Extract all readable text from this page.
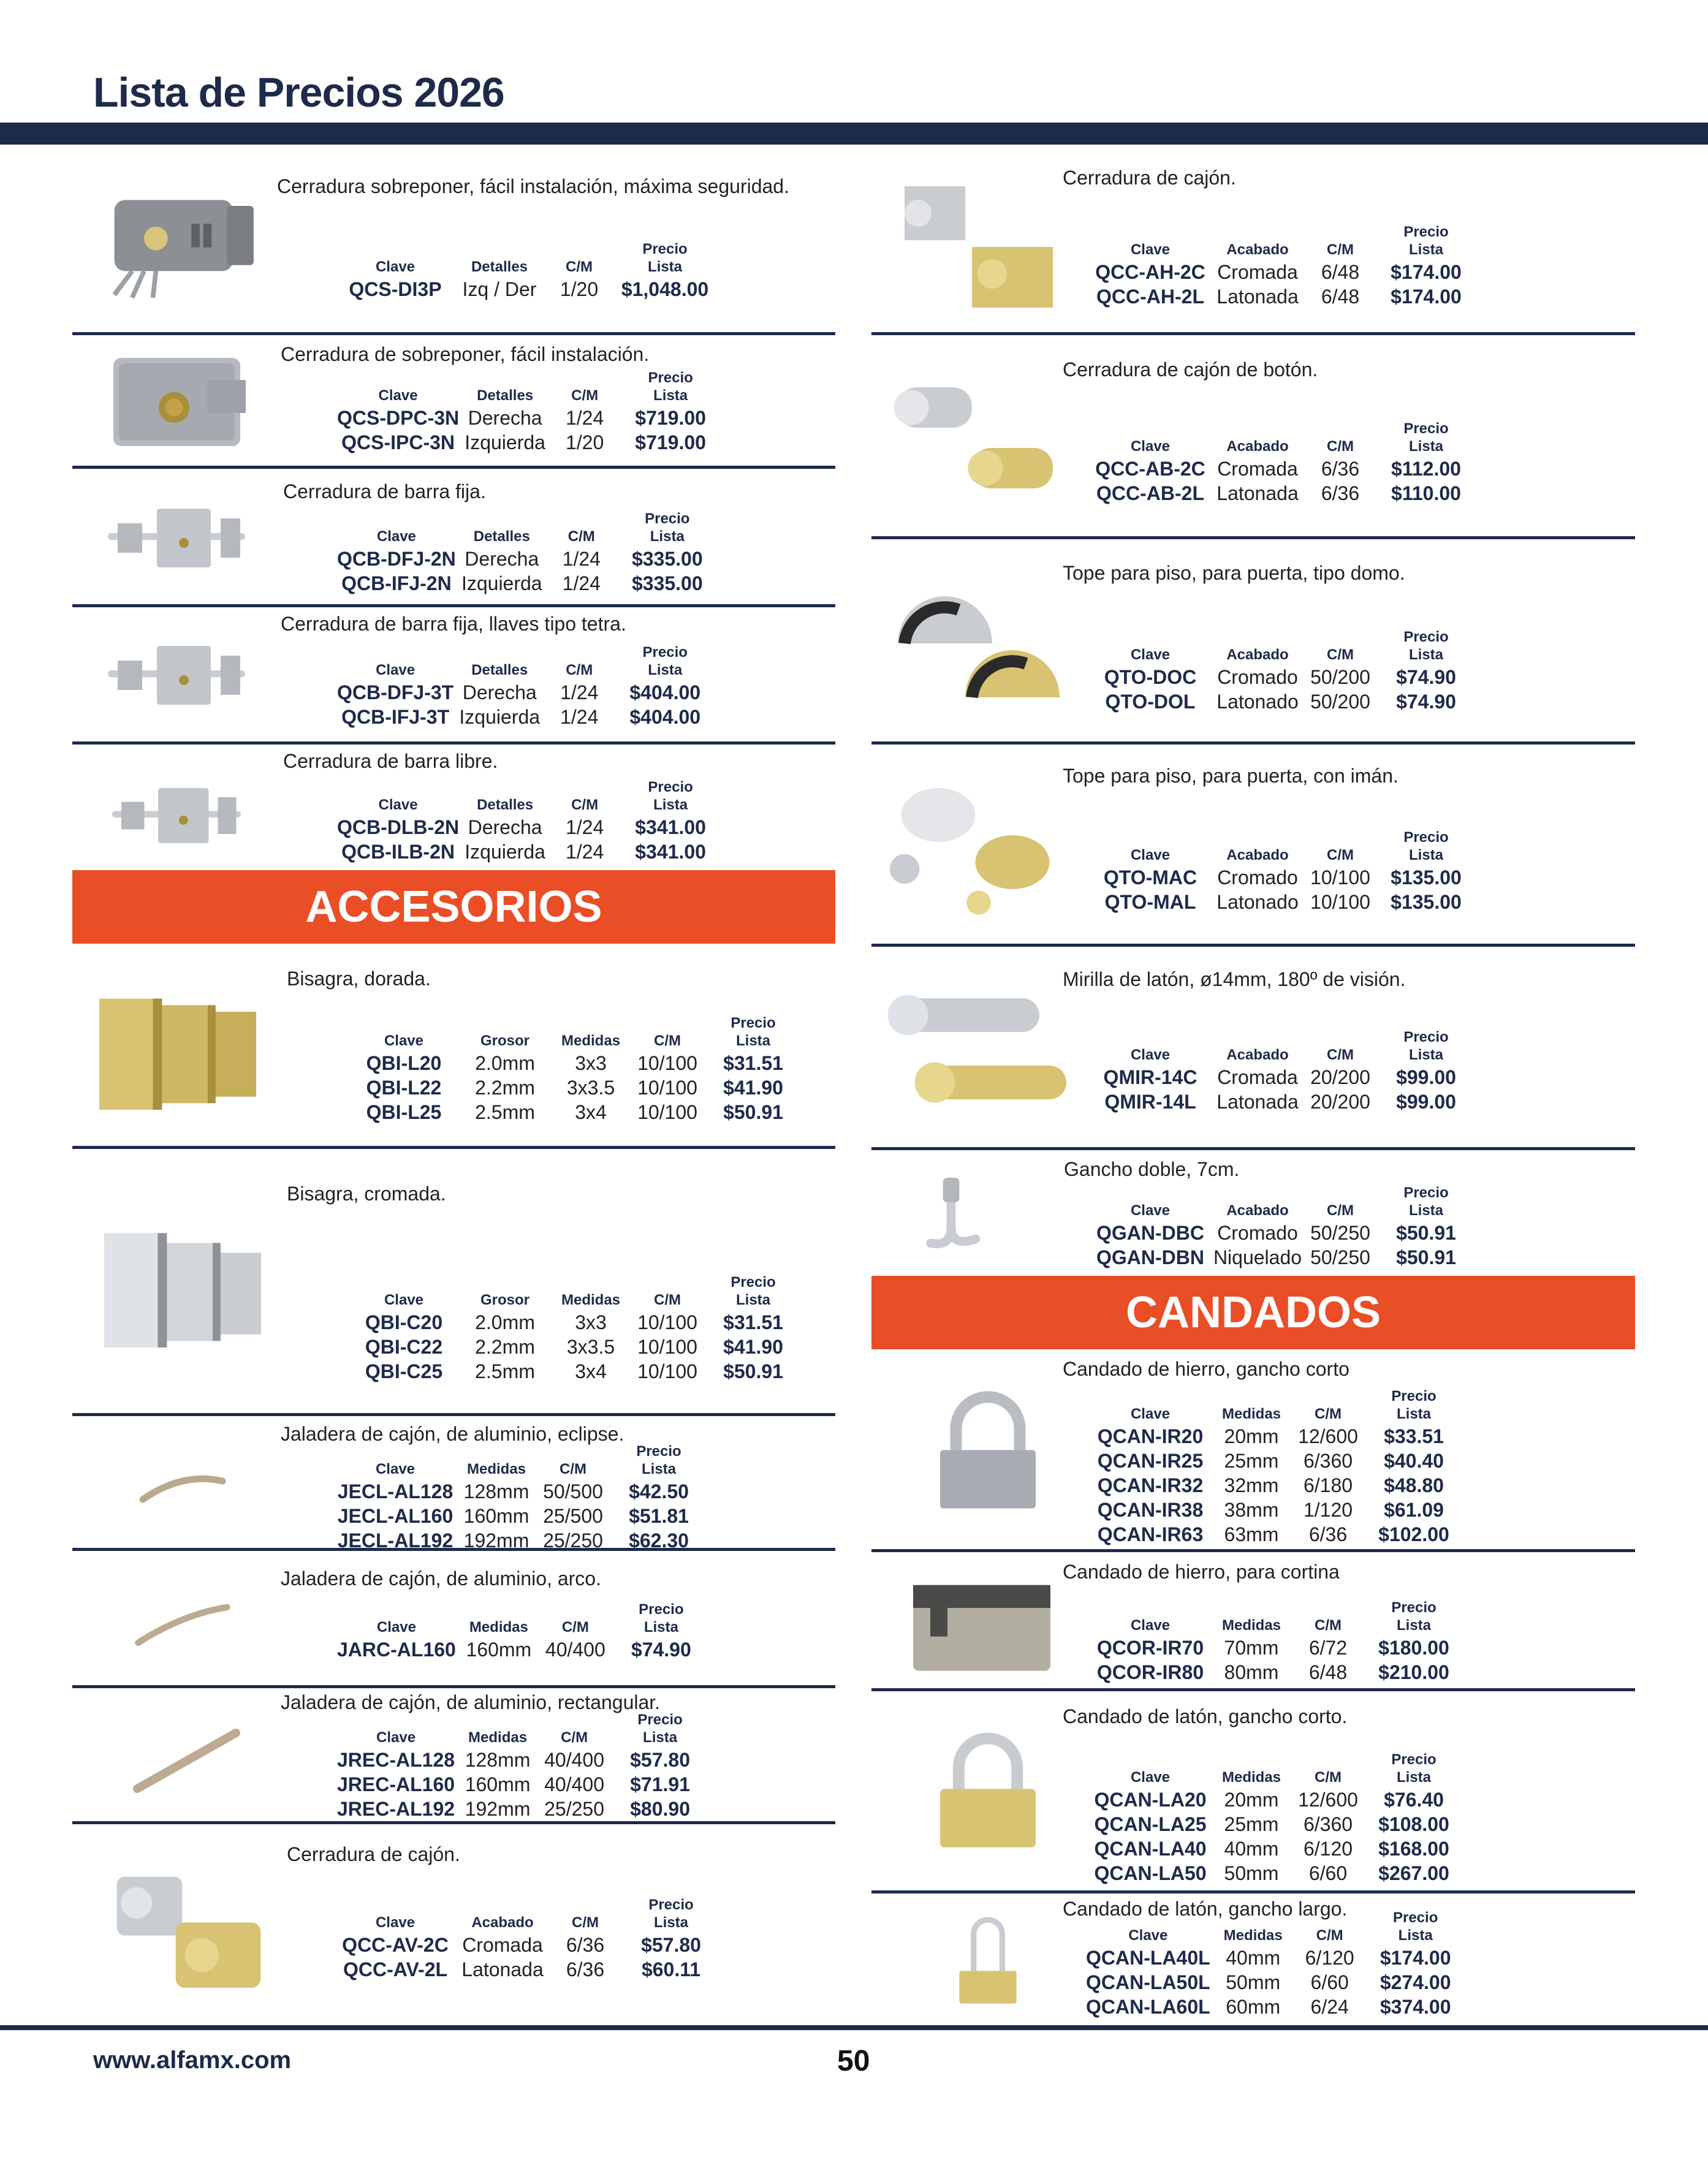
Lista de Precios 2026
Cerradura sobreponer, fácil instalación, máxima seguridad.
Clave	Detalles	C/M	Precio
Lista
QCS-DI3P	Izq / Der	1/20	$1,048.00
Cerradura de sobreponer, fácil instalación.
Clave	Detalles	C/M	Precio
Lista
QCS-DPC-3N	Derecha	1/24	$719.00
QCS-IPC-3N	Izquierda	1/20	$719.00
Cerradura de barra fija.
Clave	Detalles	C/M	Precio
Lista
QCB-DFJ-2N	Derecha	1/24	$335.00
QCB-IFJ-2N	Izquierda	1/24	$335.00
Cerradura de barra fija, llaves tipo tetra.
Clave	Detalles	C/M	Precio
Lista
QCB-DFJ-3T	Derecha	1/24	$404.00
QCB-IFJ-3T	Izquierda	1/24	$404.00
Cerradura de barra libre.
Clave	Detalles	C/M	Precio
Lista
QCB-DLB-2N	Derecha	1/24	$341.00
QCB-ILB-2N	Izquierda	1/24	$341.00
Bisagra, dorada.
Clave	Grosor	Medidas	C/M	Precio
Lista
QBI-L20	2.0mm	3x3	10/100	$31.51
QBI-L22	2.2mm	3x3.5	10/100	$41.90
QBI-L25	2.5mm	3x4	10/100	$50.91
Bisagra, cromada.
Clave	Grosor	Medidas	C/M	Precio
Lista
QBI-C20	2.0mm	3x3	10/100	$31.51
QBI-C22	2.2mm	3x3.5	10/100	$41.90
QBI-C25	2.5mm	3x4	10/100	$50.91
Jaladera de cajón, de aluminio, eclipse.
Clave	Medidas	C/M	Precio
Lista
JECL-AL128	128mm	50/500	$42.50
JECL-AL160	160mm	25/500	$51.81
JECL-AL192	192mm	25/250	$62.30
Jaladera de cajón, de aluminio, arco.
Clave	Medidas	C/M	Precio
Lista
JARC-AL160	160mm	40/400	$74.90
Jaladera de cajón, de aluminio, rectangular.
Clave	Medidas	C/M	Precio
Lista
JREC-AL128	128mm	40/400	$57.80
JREC-AL160	160mm	40/400	$71.91
JREC-AL192	192mm	25/250	$80.90
Cerradura de cajón.
Clave	Acabado	C/M	Precio
Lista
QCC-AV-2C	Cromada	6/36	$57.80
QCC-AV-2L	Latonada	6/36	$60.11
Cerradura de cajón.
Clave	Acabado	C/M	Precio
Lista
QCC-AH-2C	Cromada	6/48	$174.00
QCC-AH-2L	Latonada	6/48	$174.00
Cerradura de cajón de botón.
Clave	Acabado	C/M	Precio
Lista
QCC-AB-2C	Cromada	6/36	$112.00
QCC-AB-2L	Latonada	6/36	$110.00
Tope para piso, para puerta, tipo domo.
Clave	Acabado	C/M	Precio
Lista
QTO-DOC	Cromado	50/200	$74.90
QTO-DOL	Latonado	50/200	$74.90
Tope para piso, para puerta, con imán.
Clave	Acabado	C/M	Precio
Lista
QTO-MAC	Cromado	10/100	$135.00
QTO-MAL	Latonado	10/100	$135.00
Mirilla de latón, ø14mm, 180º de visión.
Clave	Acabado	C/M	Precio
Lista
QMIR-14C	Cromada	20/200	$99.00
QMIR-14L	Latonada	20/200	$99.00
Gancho doble, 7cm.
Clave	Acabado	C/M	Precio
Lista
QGAN-DBC	Cromado	50/250	$50.91
QGAN-DBN	Niquelado	50/250	$50.91
Candado de hierro, gancho corto
Clave	Medidas	C/M	Precio
Lista
QCAN-IR20	20mm	12/600	$33.51
QCAN-IR25	25mm	6/360	$40.40
QCAN-IR32	32mm	6/180	$48.80
QCAN-IR38	38mm	1/120	$61.09
QCAN-IR63	63mm	6/36	$102.00
Candado de hierro, para cortina
Clave	Medidas	C/M	Precio
Lista
QCOR-IR70	70mm	6/72	$180.00
QCOR-IR80	80mm	6/48	$210.00
Candado de latón, gancho corto.
Clave	Medidas	C/M	Precio
Lista
QCAN-LA20	20mm	12/600	$76.40
QCAN-LA25	25mm	6/360	$108.00
QCAN-LA40	40mm	6/120	$168.00
QCAN-LA50	50mm	6/60	$267.00
Candado de latón, gancho largo.
Clave	Medidas	C/M	Precio
Lista
QCAN-LA40L	40mm	6/120	$174.00
QCAN-LA50L	50mm	6/60	$274.00
QCAN-LA60L	60mm	6/24	$374.00
ACCESORIOS
CANDADOS
www.alfamx.com	50
